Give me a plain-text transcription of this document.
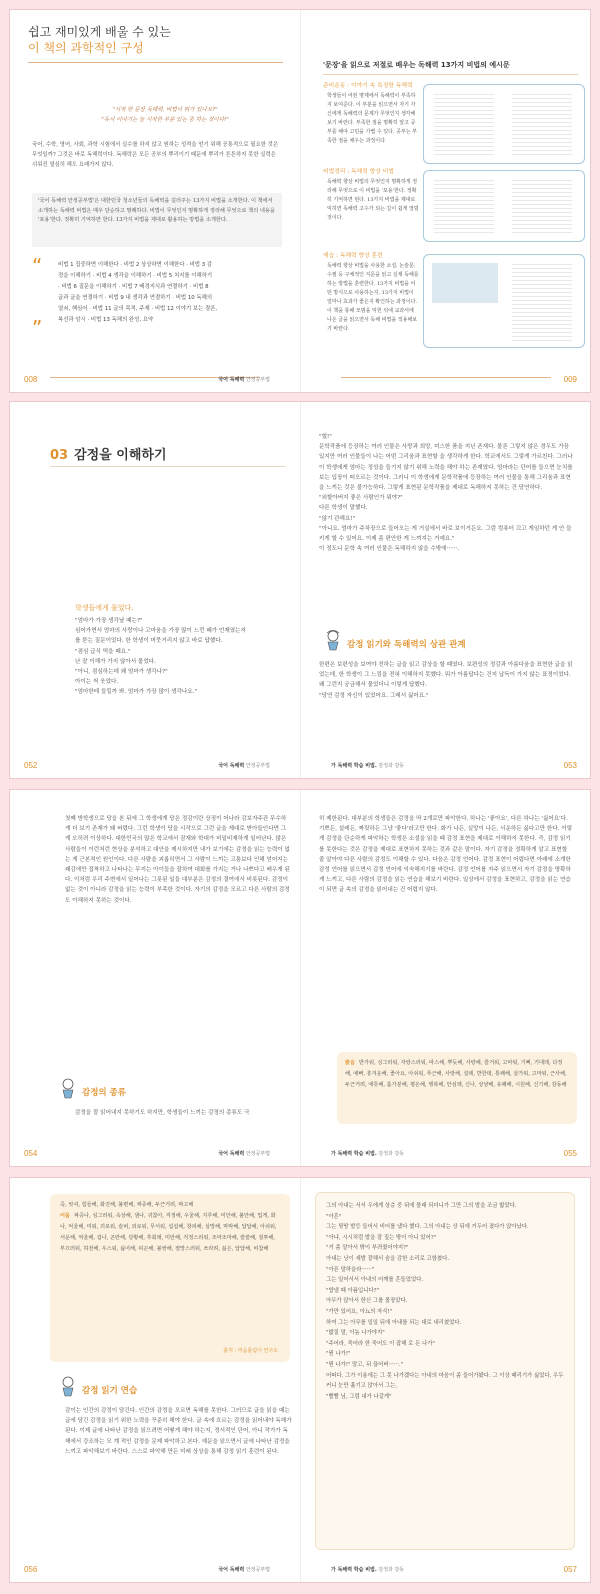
쉽고 재미있게 배울 수 있는
이 책의 과학적인 구성
"시작 한 문장 독해력, 비법이 뭐가 있나요?"
"독서 이야기는 늘 시작한 부분 있는 중 하는 것이다!"
국어, 수학, 영어, 사회, 과학 시험에서 실수를 하지 않고 원하는 성적을 얻기 위해 공통적으로 필요한 것은 무엇일까? 그것은 바로 독해력이다. 독해력은 모든 공부의 뿌리이기 때문에 뿌리가 튼튼하지 못한 실력은 쉬워진 열심히 해도 요래가지 않다.
'국어 독해력 안정공부법'은 대한민국 청소년들의 독해력을 길러주는 13가지 비법을 소개한다. 이 책에서 소개하는 독해력 비법은 매우 단순하고 명쾌하다. 비법이 무엇인지 명확하게 정리해 무엇으로 책의 내용을 '포용'한다. 정확히 기억하면 한다. 13가지 비법을 제대로 활용하는 방법을 소개한다.
“	비법 1 집중하면 이해한다 · 비법 2 상상하면 이해한다 · 비법 3 감
정을 이해하기 · 비법 4 생각을 이해하기 · 비법 5 처지를 이해하기
· 비법 6 질문을 이해하기 · 비법 7 배경지식과 연결하기 · 비법 8
글과 글을 연결하기 · 비법 9 내 생각과 연결하기 · 비법 10 독해의
열쇠, 핵심어 · 비법 11 글의 목적, 주제 · 비법 12 이야기 보는 결론,
복선과 암시 · 비법 13 독해의 완성, 요약
”
008	국어 독해력 안정공부법
'문장'을 읽으로 저절로 배우는 독해력 13가지 비법의 예시문
준비운동 : 이야기 속 특징한 독해력
학생들이 어떤 명제에서 독해력이 부족하지 보여준다. 이 부분을 읽으면서 자기 자신에게 독해력의 문제가 무엇인지 생각해보기 바란다. 부족한 점을 명확히 알고 공부를 해야 고민을 가볍 수 있다. 공부는 부족한 점을 채우는 과정이다.
비법정리 : 독해력 향상 비법
독해력 향상 비법의 무엇인지 명확하게 정리해 무엇으로 이 비법을 '포용'한다. 정확히 기억하면 된다. 13가지 비법을 제대로 익히면 독해력 고수가 되는 길이 쉽게 열릴 것이다.
예습 : 독해력 향상 훈련
독해력 향상 비법을 사용한 소설, 논술문, 수필 등 구체적인 지문을 읽고 실제 독해를 하는 방법을 훈련한다. 13가지 비법을 어떤 방식으로 사용하는지, 13가지 비법이 얼마나 효과가 좋은지 확인하는 과정이다. 이 책을 통해 모범을 익힌 뒤에 교과서에 나온 글을 읽으면서 독해 비법을 적용해보기 바란다.
009
03 감정을 이해하기
학생들에게 물었다.
"엄마가 가장 생각날 때는?"
심어가면서 엄마의 사랑이나 고마움을 가장 많이 느낀 때가 언제였는지
를 묻는 질문이었다. 한 학생이 머뭇거리지 않고 바로 답했다.
"점심 급식 먹을 때요."
난 잘 이해가 가지 않아서 물었다.
"아니, 점심하는데 왜 엄마가 생각나?"
아이는 씩 웃었다.
"엄마한테 들킬까 봐. 엄마가 가장 많이 생각나요."
052	국어 독해력 안정공부법
"헐!"
문학작품에 등장하는 여러 인물은 사랑과 희망, 미스한 품을 지닌 존재다. 물론 그렇지 않은 경우도 가끔 있지만 여러 인물들이 나는 어떤 그리움과 표현할 을 생각하게 한다. 학교에서도 그렇게 가르친다. 그러나 이 학생에게 엄마는 정성을 들기지 않기 위해 노력을 해야 하는 존재였다. 엄마라는 단어를 들으면 눈치를 보는 입장이 떠오르는 것이다. 그러니 이 학생에게 문학작품에 등장하는 여러 인물을 통해 그리움과 표현을 느끼는 것은 불가능하다. 그렇게 표현된 문학작품을 제대로 독해하지 못하는 건 당연하다.
"외할아버지 좋은 사람인가 뭐야?"
다른 학생이 말했다.
"않기 관해요!"
"아니요. 엄마가 주차장으로 들어오는 게 거실에서 바로 보이거든요. 그럼 컴퓨터 끄고 게임하던 게 안 들키게 할 수 있어요. 이제 좀 편안한 게 느껴지는 거예요."
이 정도니 문학 속 여러 인물은 독해하지 않을 수밖에······.
감정 읽기와 독해력의 상관 관계
한편은 보편성을 보여야 전하는 글을 읽고 감상을 할 때였다. 보편성의 정감과 아름다움을 표현한 글을 읽었는데, 한 학생이 그 느낌을 전혀 이해하지 못했다. 뭐가 아름답다는 건지 납득이 가지 않는 표정이었다. 왜 그런지 궁금해서 물었더니 이렇게 답했다.
"당연 감정 자신이 있었어요. 그래서 싫어요."
053
가 독해력 학습 비법. 감정과 감동
첫째 방학생으로 당을 본 뒤에 그 학생에게 당은 정감이란 상징이 어나라 감보자주관 무수하게 더 보기 존재가 돼 버렸다. 그런 학생이 당을 시작으로 그런 글을 제대로 받아들인다면 그게 오히려 이상하다. 대한민국의 많은 학교에서 잠재와 학대가 비일비재하게 일어난다. 많은 사람들이 이런처런 현상을 분석하고 대안을 제시하지만 내가 보기에는 감정을 읽는 능력이 없는 게 근본적인 원인이다. 다른 사람을 괴롭히면서 그 사람이 느끼는 고통보다 인해 얻어지는 쾌감에만 집착하고 나타나는 무지는 아이들을 잘하여 대화를 가지는 거나 나쁘다고 배우게 된다. 이처럼 우리 주변에서 일어나는 그릇된 일들 대부분은 감정의 결여에서 비롯된다. 감정이 없는 것이 아니라 감정을 읽는 능력이 부족한 것이다. 자기의 감정을 모르고 다른 사람의 감정도 이해하지 못하는 것이다.
감정의 종류
감정을 잘 읽어내지 못하기도 하지만, 학생들이 느끼는 감정의 종류도 극
054	국어 독해력 안정공부법
히 제한된다. 대부분의 학생들은 감정을 딱 2개로만 파악한다. 하나는 '좋아요', 다른 하나는 '싫어요'다. 기쁘든, 설레든, 짜릿하든 그냥 '좋다'라고만 한다. 화가 나든, 실망이 나든, 서운하든 싫다고만 한다. 이렇게 감정을 단순하게 파악하는 학생은 소설을 읽을 때 감정 표현을 제대로 이해하지 못한다. 즉, 감정 읽기를 못한다는 것은 감정을 제대로 표현하지 못하는 것과 같은 말이다. 자기 감정을 정확하게 알고 표현할 줄 알아야 다른 사람의 감정도 이해할 수 있다. 다음은 감정 언어다. 감정 표현이 어렵다면 아래에 소개한 감정 언어를 읽으면서 감정 언어에 익숙해지기를 바란다. 감정 언어를 자주 읽으면서 자기 감정을 명확하게 느끼고, 다른 사람의 감정을 읽는 연습을 해보기 바란다. 일상에서 감정을 표현하고, 감정을 읽는 연습이 되면 글 속의 감정을 읽어내는 건 어렵지 않다.
밝음 반가워, 싱그러워, 자랑스러워, 따스해, 뿌듯해, 사랑해, 즐거워, 고마워, 기뻐, 기대돼, 다정해, 예뻐, 흥겨운해, 좋아요, 아쉬워, 푸근해, 사랑해, 설레, 반한데, 통쾌해, 살가워, 고마워, 근사해, 두근거려, 애틋해, 홀가분해, 평온해, 행복해, 안심돼, 신나, 상냥해, 유쾌해, 시원해, 신기해, 감동해
055
가 독해력 학습 비법. 감정과 감동
즉, 씻셔, 힘들해, 화진해, 불편해, 짜증해, 두근거려, 짜고해
어둠 짜증나, 심그러워, 속상해, 샘나, 귀찮아, 걱정해, 우울해, 지루해, 미안해, 불안해, 밉게, 화나, 억울해, 미워, 괴로워, 슬퍼, 외로워, 무서워, 섭섭해, 창피해, 실망해, 막막해, 답답해, 아쉬워, 서운해, 억울해, 겁나, 곤란해, 당황해, 후회돼, 미안해, 걱정스러워, 조마조마해, 쓸쓸해, 질투해, 부끄러워, 허전해, 우스워, 싫어해, 피곤해, 불쌍해, 절망스러워, 쓰라려, 싫은, 답답해, 비참해
출처 : 마음틀림이 연구소
감정 읽기 연습
감이는 인간의 감정이 담긴다. 인간의 감정을 모르면 독해를 못한다. 그러므로 글을 읽을 때는 글에 담긴 감정을 읽기 위한 노력을 꾸준히 해야 한다. 글 속에 흐르는 감정을 읽어내야 독해가 된다. 이제 글에 나타난 감정을 읽으려면 어떻게 해야 하는지, 정서적인 단어, 아니 작가가 독해에서 강조하는 모 계 적인 감정을 문제 파악하고 본다. 예문을 읽으면서 글에 나타난 감정을 느끼고 파악해보기 바란다. 스스로 파악해 만든 미래 상상을 통해 감정 읽기 훈련이 된다.
056	국어 독해력 안정공부법
그의 아내는 서서 우에게 상층 중 뒤에 몰래 되더니가 그만 그의 발을 조금 밟았다.
"아흔"
그는 뒷땅 발등 들어서 비어를 냈다 했다. 그의 아내는 상 뒤에 거두어 졌다가 앉아났다.
"아냐, 시시처럼 발을 잘 짚는 밖이 아니 있어?"
"거 좀 알아서 밖이 부려줬어야지?"
아내는 낭이 세밤 잘해서 숨을 감한 소리로 고함쳤다.
"아픈 말하을라······"
그는 일어서서 아내의 어깨를 흔들었었다.
"밥낼 때 아픔입니다?"
아무가 앉아서 한신 그를 볼장았다.
"가만 있어요, 아뇨의 자식!"
하여 그는 아무를 일일 뒤에 아내를 되는 대로 내리쳤었다.
"밟질 말, 이놈 나가야지"
"주어라, 죽어라 한 죽어도 이 잡해 로 돈 나가"
"뭔 나가!"
"뭔 나가!" 말고, 뒤 끊어버······."
어떠다. 그가 이용에는 그 못 나가겠다는 아내의 마음이 좀 들어가봤다. 그 이상 때리기가 싫었다. 우두커니 눈만 흘기고 앉아서 그는,
"빨빨 님, 그럼 내가 나갈게"
057
가 독해력 학습 비법. 감정과 감동
